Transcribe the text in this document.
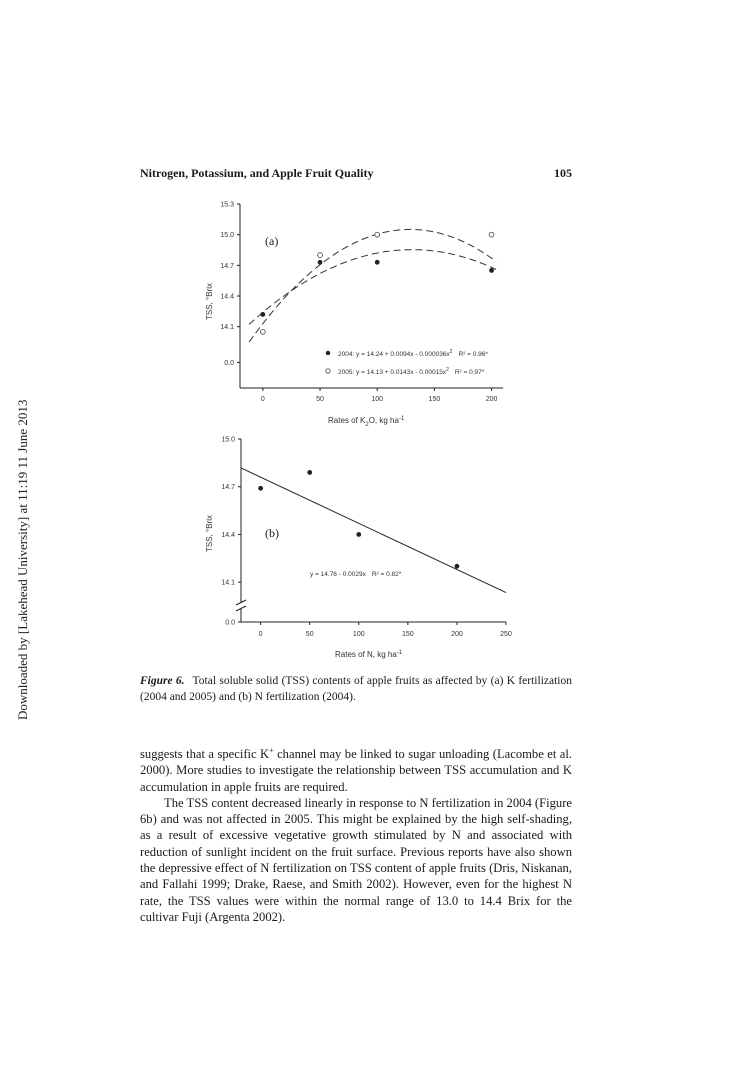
Downloaded by [Lakehead University] at 11:19 11 June 2013
Nitrogen, Potassium, and Apple Fruit Quality	105
0	50	100	150	200
15.3
15.0
14.7
14.4
14.1
0.0
(a)
TSS, °Brix
Rates of $K_2O$, kg $ha^{-1}$
2004: $y = 14.24 + 0.0094x - 0.000036x^2$ R² = 0.96*
2005: $y = 14.13 + 0.0143x - 0.00015x^2$ R² = 0.97*
0	50	100	150	200	250
15.0
14.7
14.4
14.1
0.0
(b)
TSS, °Brix
Rates of N, kg $ha^{-1}$
y = 14.76 - 0.0029x R² = 0.82*
Figure 6. Total soluble solid (TSS) contents of apple fruits as affected by (a) K fertilization (2004 and 2005) and (b) N fertilization (2004).

suggests that a specific K+ channel may be linked to sugar unloading (Lacombe et al. 2000). More studies to investigate the relationship between TSS accumulation and K accumulation in apple fruits are required.

The TSS content decreased linearly in response to N fertilization in 2004 (Figure 6b) and was not affected in 2005. This might be explained by the high self-shading, as a result of excessive vegetative growth stimulated by N and associated with reduction of sunlight incident on the fruit surface. Previous reports have also shown the depressive effect of N fertilization on TSS content of apple fruits (Dris, Niskanan, and Fallahi 1999; Drake, Raese, and Smith 2002). However, even for the highest N rate, the TSS values were within the normal range of 13.0 to 14.4 Brix for the cultivar Fuji (Argenta 2002).
